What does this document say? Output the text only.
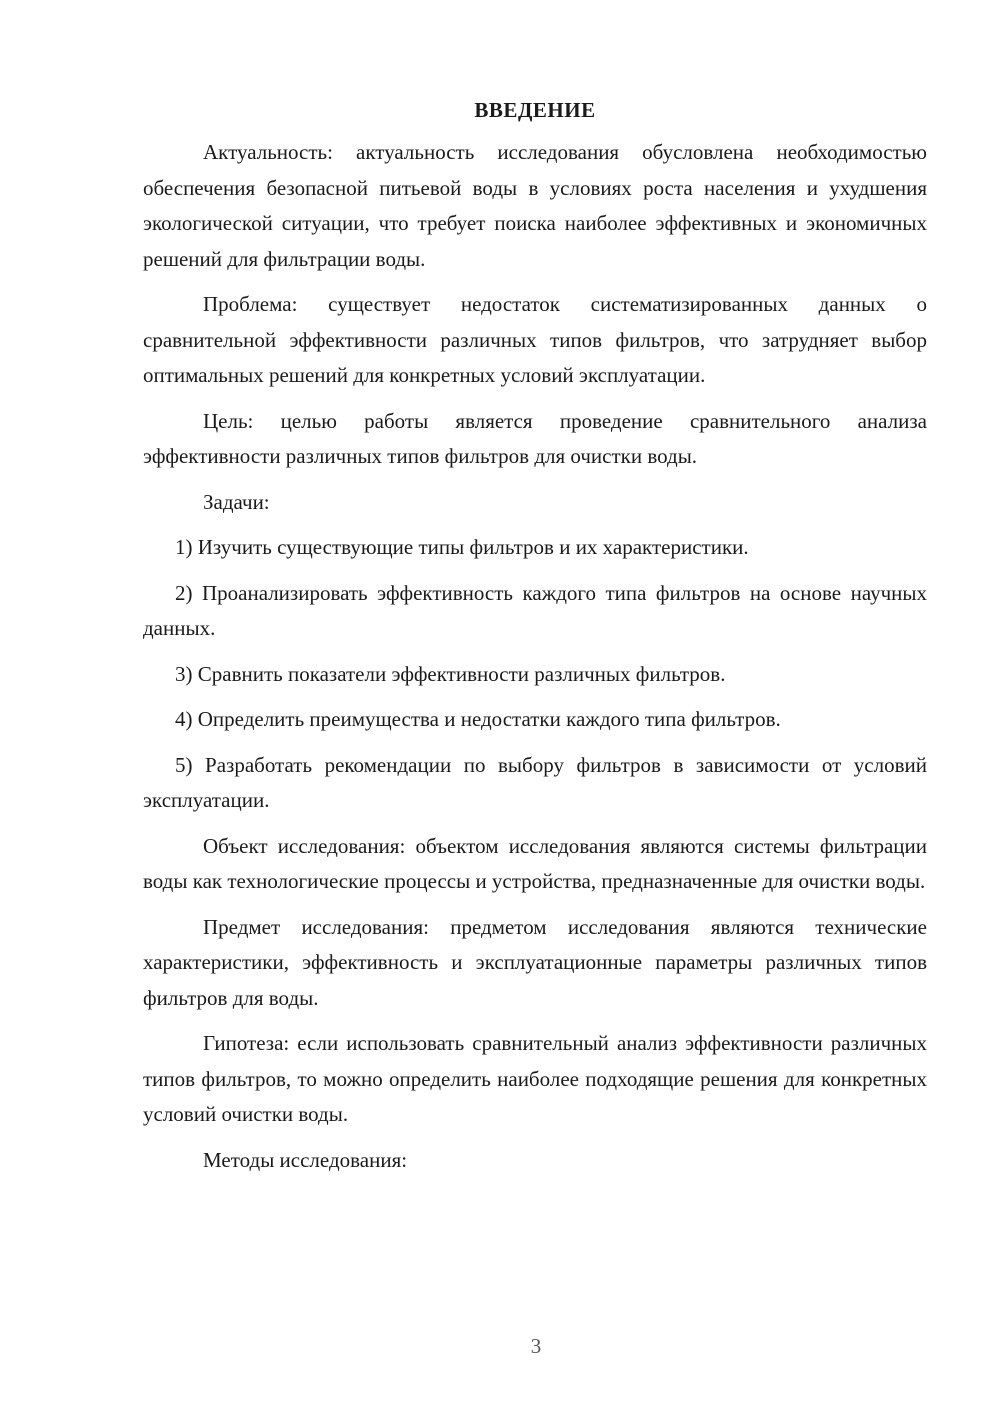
ВВЕДЕНИЕ

Актуальность: актуальность исследования обусловлена необходимостью обеспечения безопасной питьевой воды в условиях роста населения и ухудшения экологической ситуации, что требует поиска наиболее эффективных и экономичных решений для фильтрации воды.

Проблема: существует недостаток систематизированных данных о сравнительной эффективности различных типов фильтров, что затрудняет выбор оптимальных решений для конкретных условий эксплуатации.

Цель: целью работы является проведение сравнительного анализа эффективности различных типов фильтров для очистки воды.

Задачи:

1) Изучить существующие типы фильтров и их характеристики.

2) Проанализировать эффективность каждого типа фильтров на основе научных данных.

3) Сравнить показатели эффективности различных фильтров.

4) Определить преимущества и недостатки каждого типа фильтров.

5) Разработать рекомендации по выбору фильтров в зависимости от условий эксплуатации.

Объект исследования: объектом исследования являются системы фильтрации воды как технологические процессы и устройства, предназначенные для очистки воды.

Предмет исследования: предметом исследования являются технические характеристики, эффективность и эксплуатационные параметры различных типов фильтров для воды.

Гипотеза: если использовать сравнительный анализ эффективности различных типов фильтров, то можно определить наиболее подходящие решения для конкретных условий очистки воды.

Методы исследования:

3
